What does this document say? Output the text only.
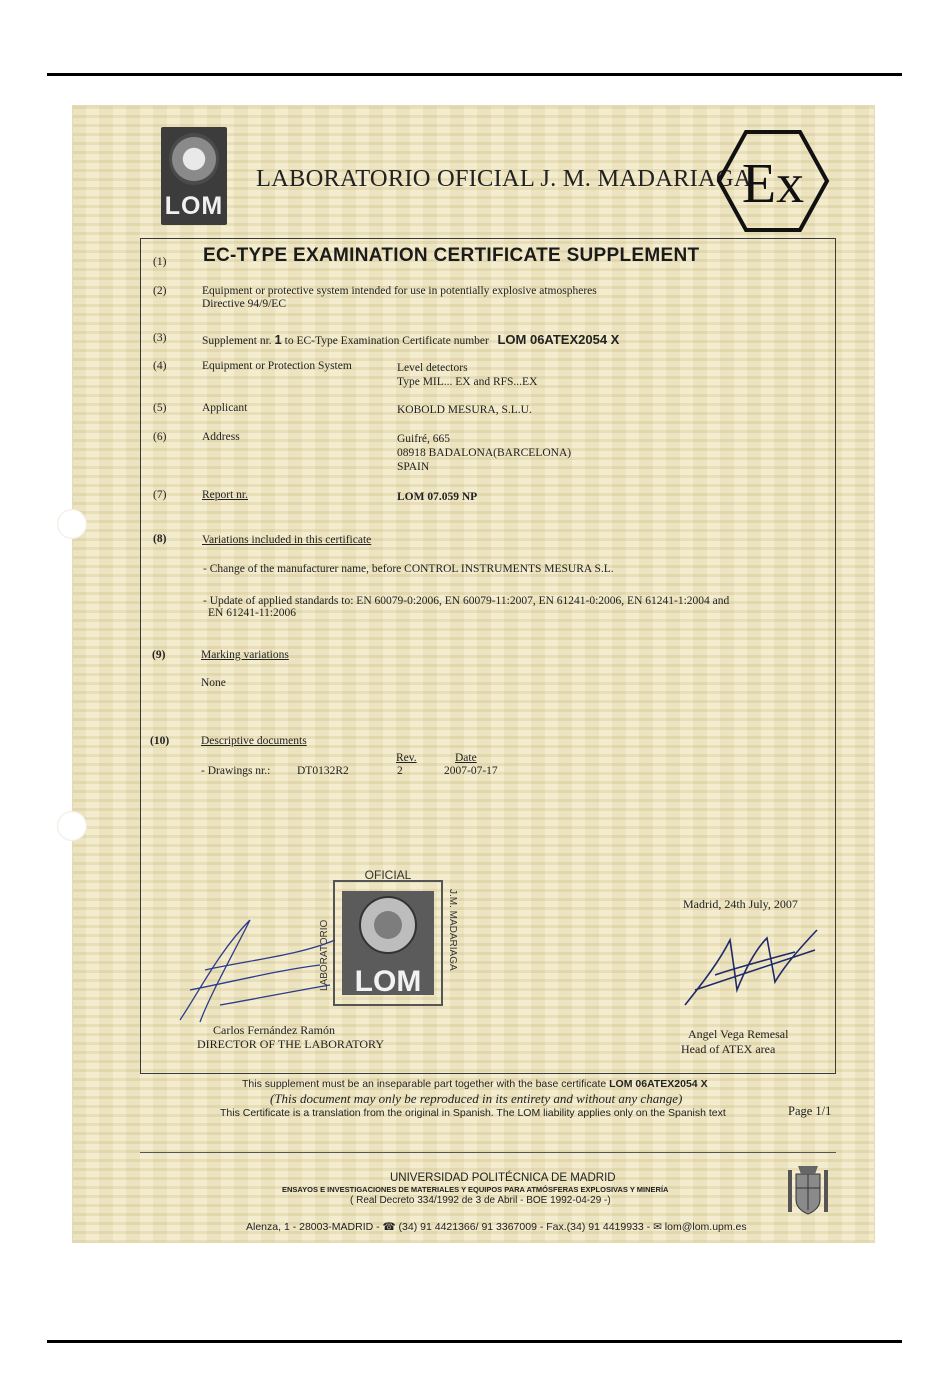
LOM
LABORATORIO OFICIAL J. M. MADARIAGA
Ex
(1) EC-TYPE EXAMINATION CERTIFICATE SUPPLEMENT
(2)	Equipment or protective system intended for use in potentially explosive atmospheres
Directive 94/9/EC
(3)	Supplement nr. 1 to EC-Type Examination Certificate number LOM 06ATEX2054 X
(4)	Equipment or Protection System	Level detectors
Type MIL... EX and RFS...EX
(5)	Applicant	KOBOLD MESURA, S.L.U.
(6)	Address	Guifré, 665
08918 BADALONA(BARCELONA)
SPAIN
(7)	Report nr.	LOM 07.059 NP
(8)	Variations included in this certificate
- Change of the manufacturer name, before CONTROL INSTRUMENTS MESURA S.L.
- Update of applied standards to: EN 60079-0:2006, EN 60079-11:2007, EN 61241-0:2006, EN 61241-1:2004 and
EN 61241-11:2006
(9)	Marking variations
None
(10)	Descriptive documents
Rev.	Date
- Drawings nr.: DT0132R2	2	2007-07-17
OFICIAL
LABORATORIO	J.M. MADARIAGA
LOM
Madrid, 24th July, 2007
Carlos Fernández Ramón
DIRECTOR OF THE LABORATORY
Angel Vega Remesal
Head of ATEX area
This supplement must be an inseparable part together with the base certificate LOM 06ATEX2054 X
(This document may only be reproduced in its entirety and without any change)
This Certificate is a translation from the original in Spanish. The LOM liability applies only on the Spanish text	Page 1/1
UNIVERSIDAD POLITÉCNICA DE MADRID
ENSAYOS E INVESTIGACIONES DE MATERIALES Y EQUIPOS PARA ATMÓSFERAS EXPLOSIVAS Y MINERÍA
( Real Decreto 334/1992 de 3 de Abril - BOE 1992-04-29 -)
Alenza, 1 - 28003-MADRID - ☎ (34) 91 4421366/ 91 3367009 - Fax.(34) 91 4419933 - ✉ lom@lom.upm.es
